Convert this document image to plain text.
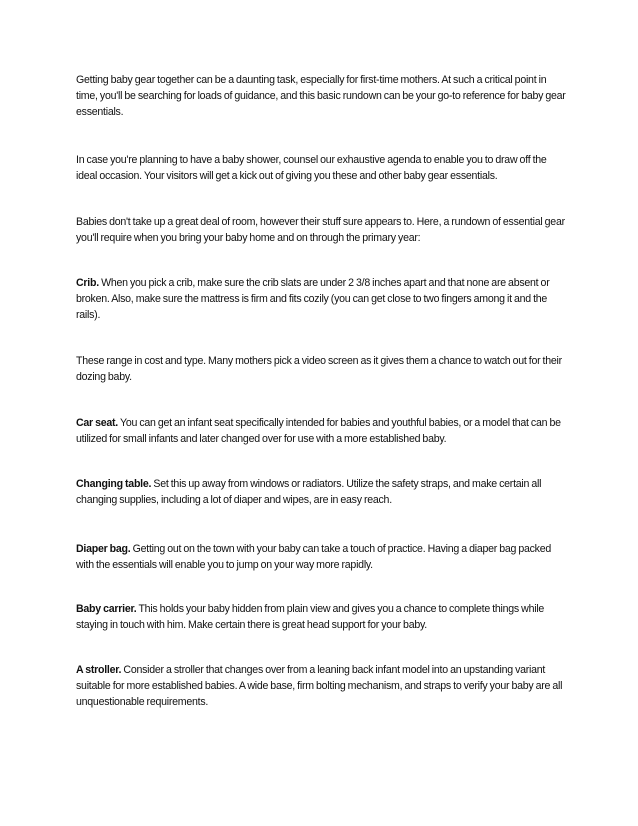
Getting baby gear together can be a daunting task, especially for first-time mothers. At such a critical point in time, you'll be searching for loads of guidance, and this basic rundown can be your go-to reference for baby gear essentials.

In case you're planning to have a baby shower, counsel our exhaustive agenda to enable you to draw off the ideal occasion. Your visitors will get a kick out of giving you these and other baby gear essentials.

Babies don't take up a great deal of room, however their stuff sure appears to. Here, a rundown of essential gear you'll require when you bring your baby home and on through the primary year:

Crib. When you pick a crib, make sure the crib slats are under 2 3/8 inches apart and that none are absent or broken. Also, make sure the mattress is firm and fits cozily (you can get close to two fingers among it and the rails).

These range in cost and type. Many mothers pick a video screen as it gives them a chance to watch out for their dozing baby.

Car seat. You can get an infant seat specifically intended for babies and youthful babies, or a model that can be utilized for small infants and later changed over for use with a more established baby.

Changing table. Set this up away from windows or radiators. Utilize the safety straps, and make certain all changing supplies, including a lot of diaper and wipes, are in easy reach.

Diaper bag. Getting out on the town with your baby can take a touch of practice. Having a diaper bag packed with the essentials will enable you to jump on your way more rapidly.

Baby carrier. This holds your baby hidden from plain view and gives you a chance to complete things while staying in touch with him. Make certain there is great head support for your baby.

A stroller. Consider a stroller that changes over from a leaning back infant model into an upstanding variant suitable for more established babies. A wide base, firm bolting mechanism, and straps to verify your baby are all unquestionable requirements.
